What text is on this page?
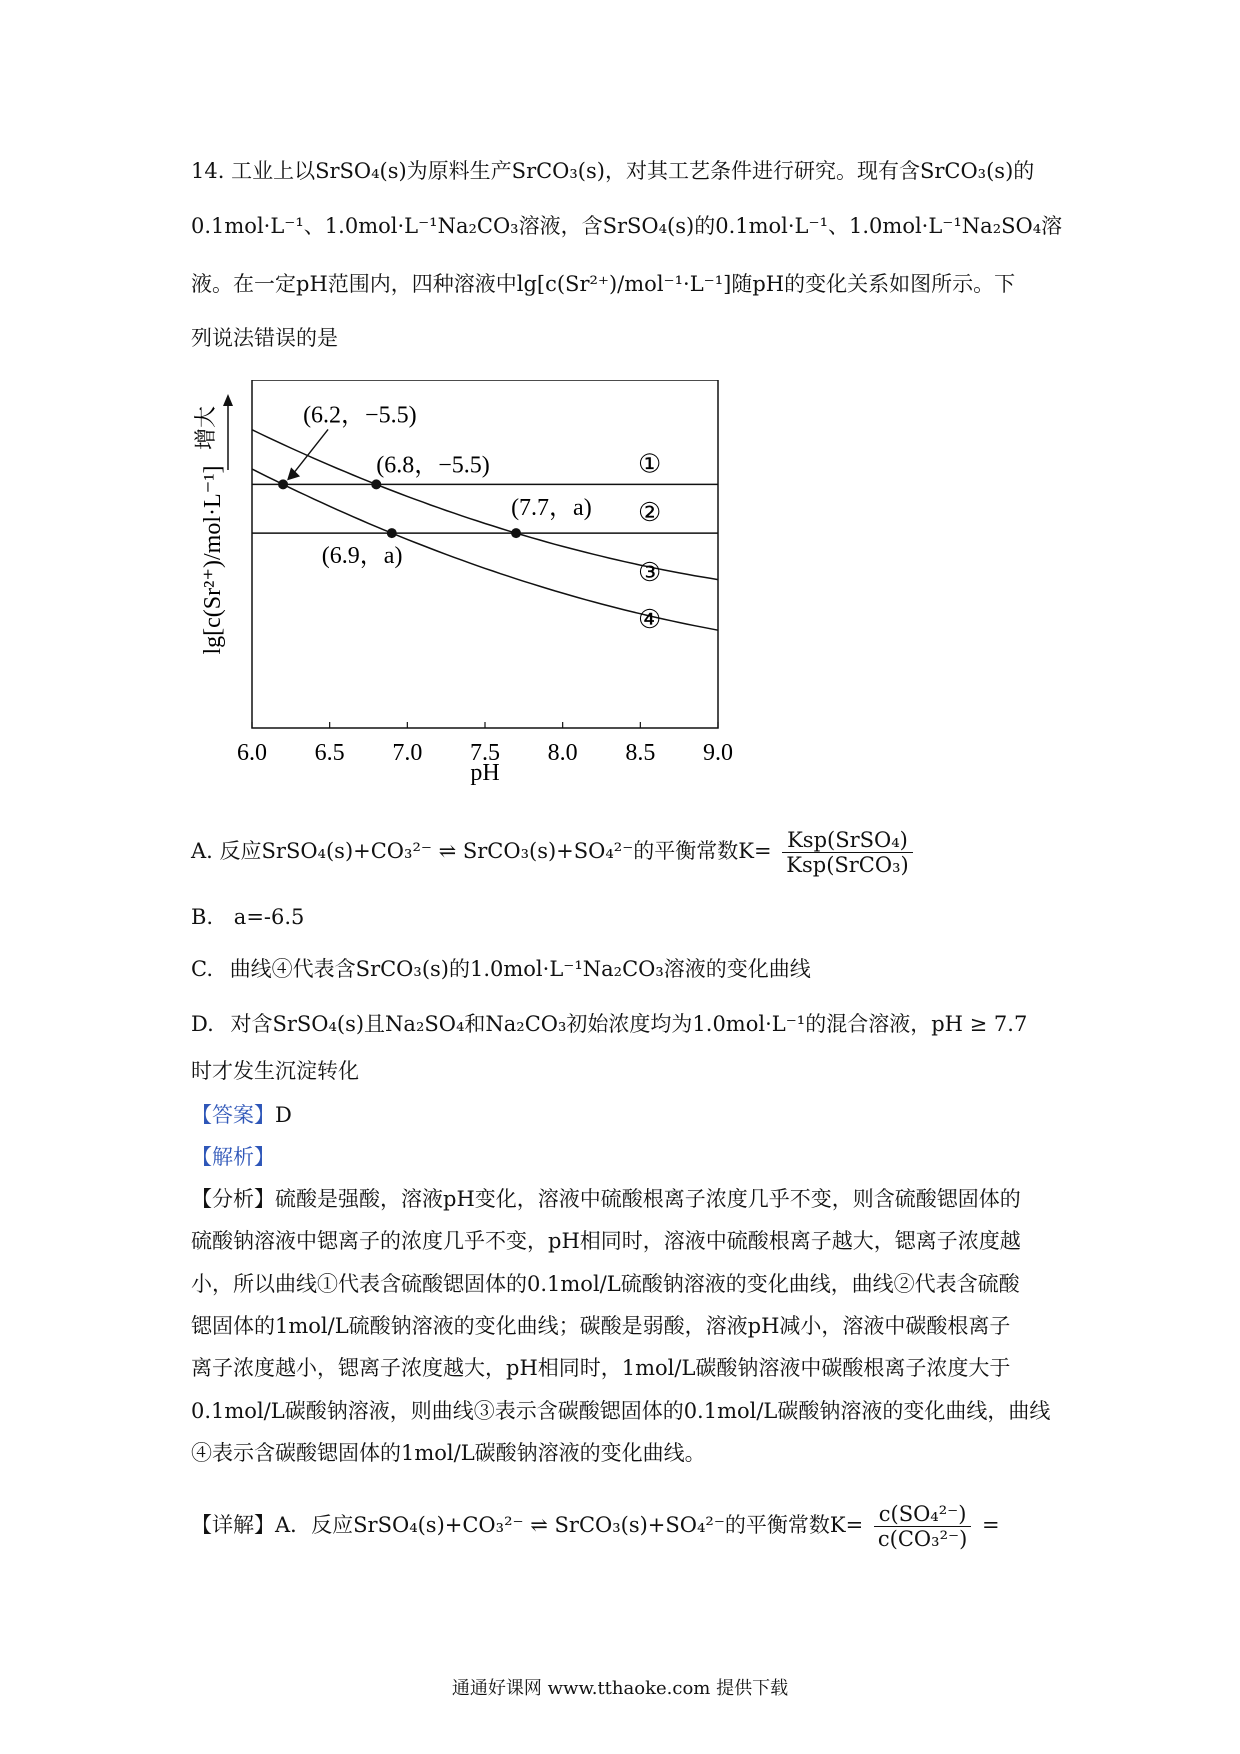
14. 工业上以SrSO₄(s)为原料生产SrCO₃(s)，对其工艺条件进行研究。现有含SrCO₃(s)的
0.1mol·L⁻¹、1.0mol·L⁻¹Na₂CO₃溶液，含SrSO₄(s)的0.1mol·L⁻¹、1.0mol·L⁻¹Na₂SO₄溶
液。在一定pH范围内，四种溶液中lg[c(Sr²⁺)/mol⁻¹·L⁻¹]随pH的变化关系如图所示。下
列说法错误的是
pH
lg[c(Sr²⁺)/mol·L⁻¹]
增大
6.0 6.5 7.0 7.5 8.0 8.5 9.0
(6.2，−5.5)
(6.8，−5.5)
(7.7，a)
(6.9，a)
①
②
③
④
A. 反应SrSO₄(s)+CO₃²⁻ ⇌ SrCO₃(s)+SO₄²⁻的平衡常数$K= \frac{\text{Ksp(SrSO₄)}}{\text{Ksp(SrCO₃)}}$
B. a=-6.5
C. 曲线④代表含SrCO₃(s)的1.0mol·L⁻¹Na₂CO₃溶液的变化曲线
D. 对含SrSO₄(s)且Na₂SO₄和Na₂CO₃初始浓度均为1.0mol·L⁻¹的混合溶液，pH ≥ 7.7
时才发生沉淀转化
【答案】D
【解析】
【分析】硫酸是强酸，溶液pH变化，溶液中硫酸根离子浓度几乎不变，则含硫酸锶固体的
硫酸钠溶液中锶离子的浓度几乎不变，pH相同时，溶液中硫酸根离子越大，锶离子浓度越
小，所以曲线①代表含硫酸锶固体的0.1mol/L硫酸钠溶液的变化曲线，曲线②代表含硫酸
锶固体的1mol/L硫酸钠溶液的变化曲线；碳酸是弱酸，溶液pH减小，溶液中碳酸根离子
离子浓度越小，锶离子浓度越大，pH相同时，1mol/L碳酸钠溶液中碳酸根离子浓度大于
0.1mol/L碳酸钠溶液，则曲线③表示含碳酸锶固体的0.1mol/L碳酸钠溶液的变化曲线，曲线
④表示含碳酸锶固体的1mol/L碳酸钠溶液的变化曲线。
【详解】A．反应SrSO₄(s)+CO₃²⁻ ⇌ SrCO₃(s)+SO₄²⁻的平衡常数$K= \frac{\text{c(SO₄²⁻)}}{\text{c(CO₃²⁻)}}$ =
通通好课网 www.tthaoke.com 提供下载
